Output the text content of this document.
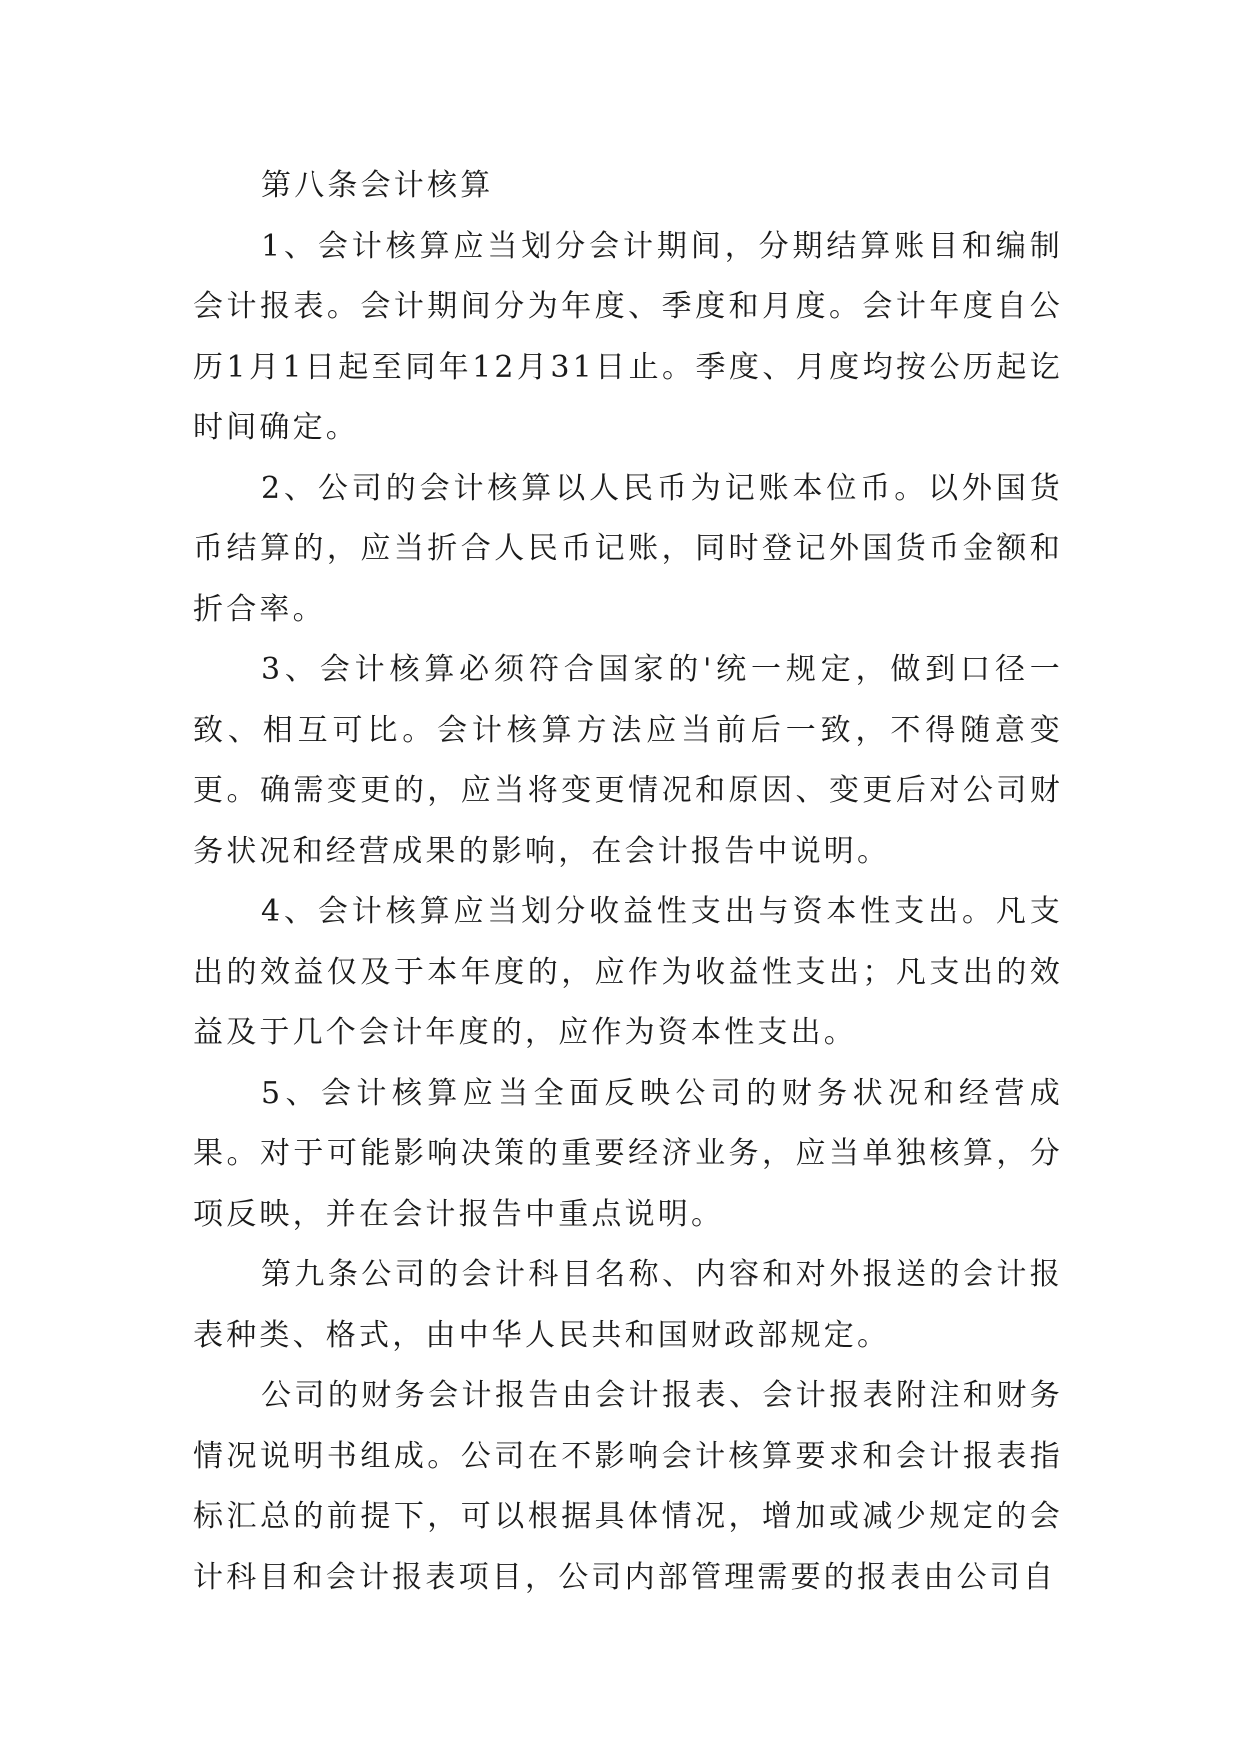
第八条会计核算

1、会计核算应当划分会计期间，分期结算账目和编制会计报表。会计期间分为年度、季度和月度。会计年度自公历1月1日起至同年12月31日止。季度、月度均按公历起讫时间确定。

2、公司的会计核算以人民币为记账本位币。以外国货币结算的，应当折合人民币记账，同时登记外国货币金额和折合率。

3、会计核算必须符合国家的'统一规定，做到口径一致、相互可比。会计核算方法应当前后一致，不得随意变更。确需变更的，应当将变更情况和原因、变更后对公司财务状况和经营成果的影响，在会计报告中说明。

4、会计核算应当划分收益性支出与资本性支出。凡支出的效益仅及于本年度的，应作为收益性支出；凡支出的效益及于几个会计年度的，应作为资本性支出。

5、会计核算应当全面反映公司的财务状况和经营成果。对于可能影响决策的重要经济业务，应当单独核算，分项反映，并在会计报告中重点说明。

第九条公司的会计科目名称、内容和对外报送的会计报表种类、格式，由中华人民共和国财政部规定。

公司的财务会计报告由会计报表、会计报表附注和财务情况说明书组成。公司在不影响会计核算要求和会计报表指标汇总的前提下，可以根据具体情况，增加或减少规定的会计科目和会计报表项目，公司内部管理需要的报表由公司自
